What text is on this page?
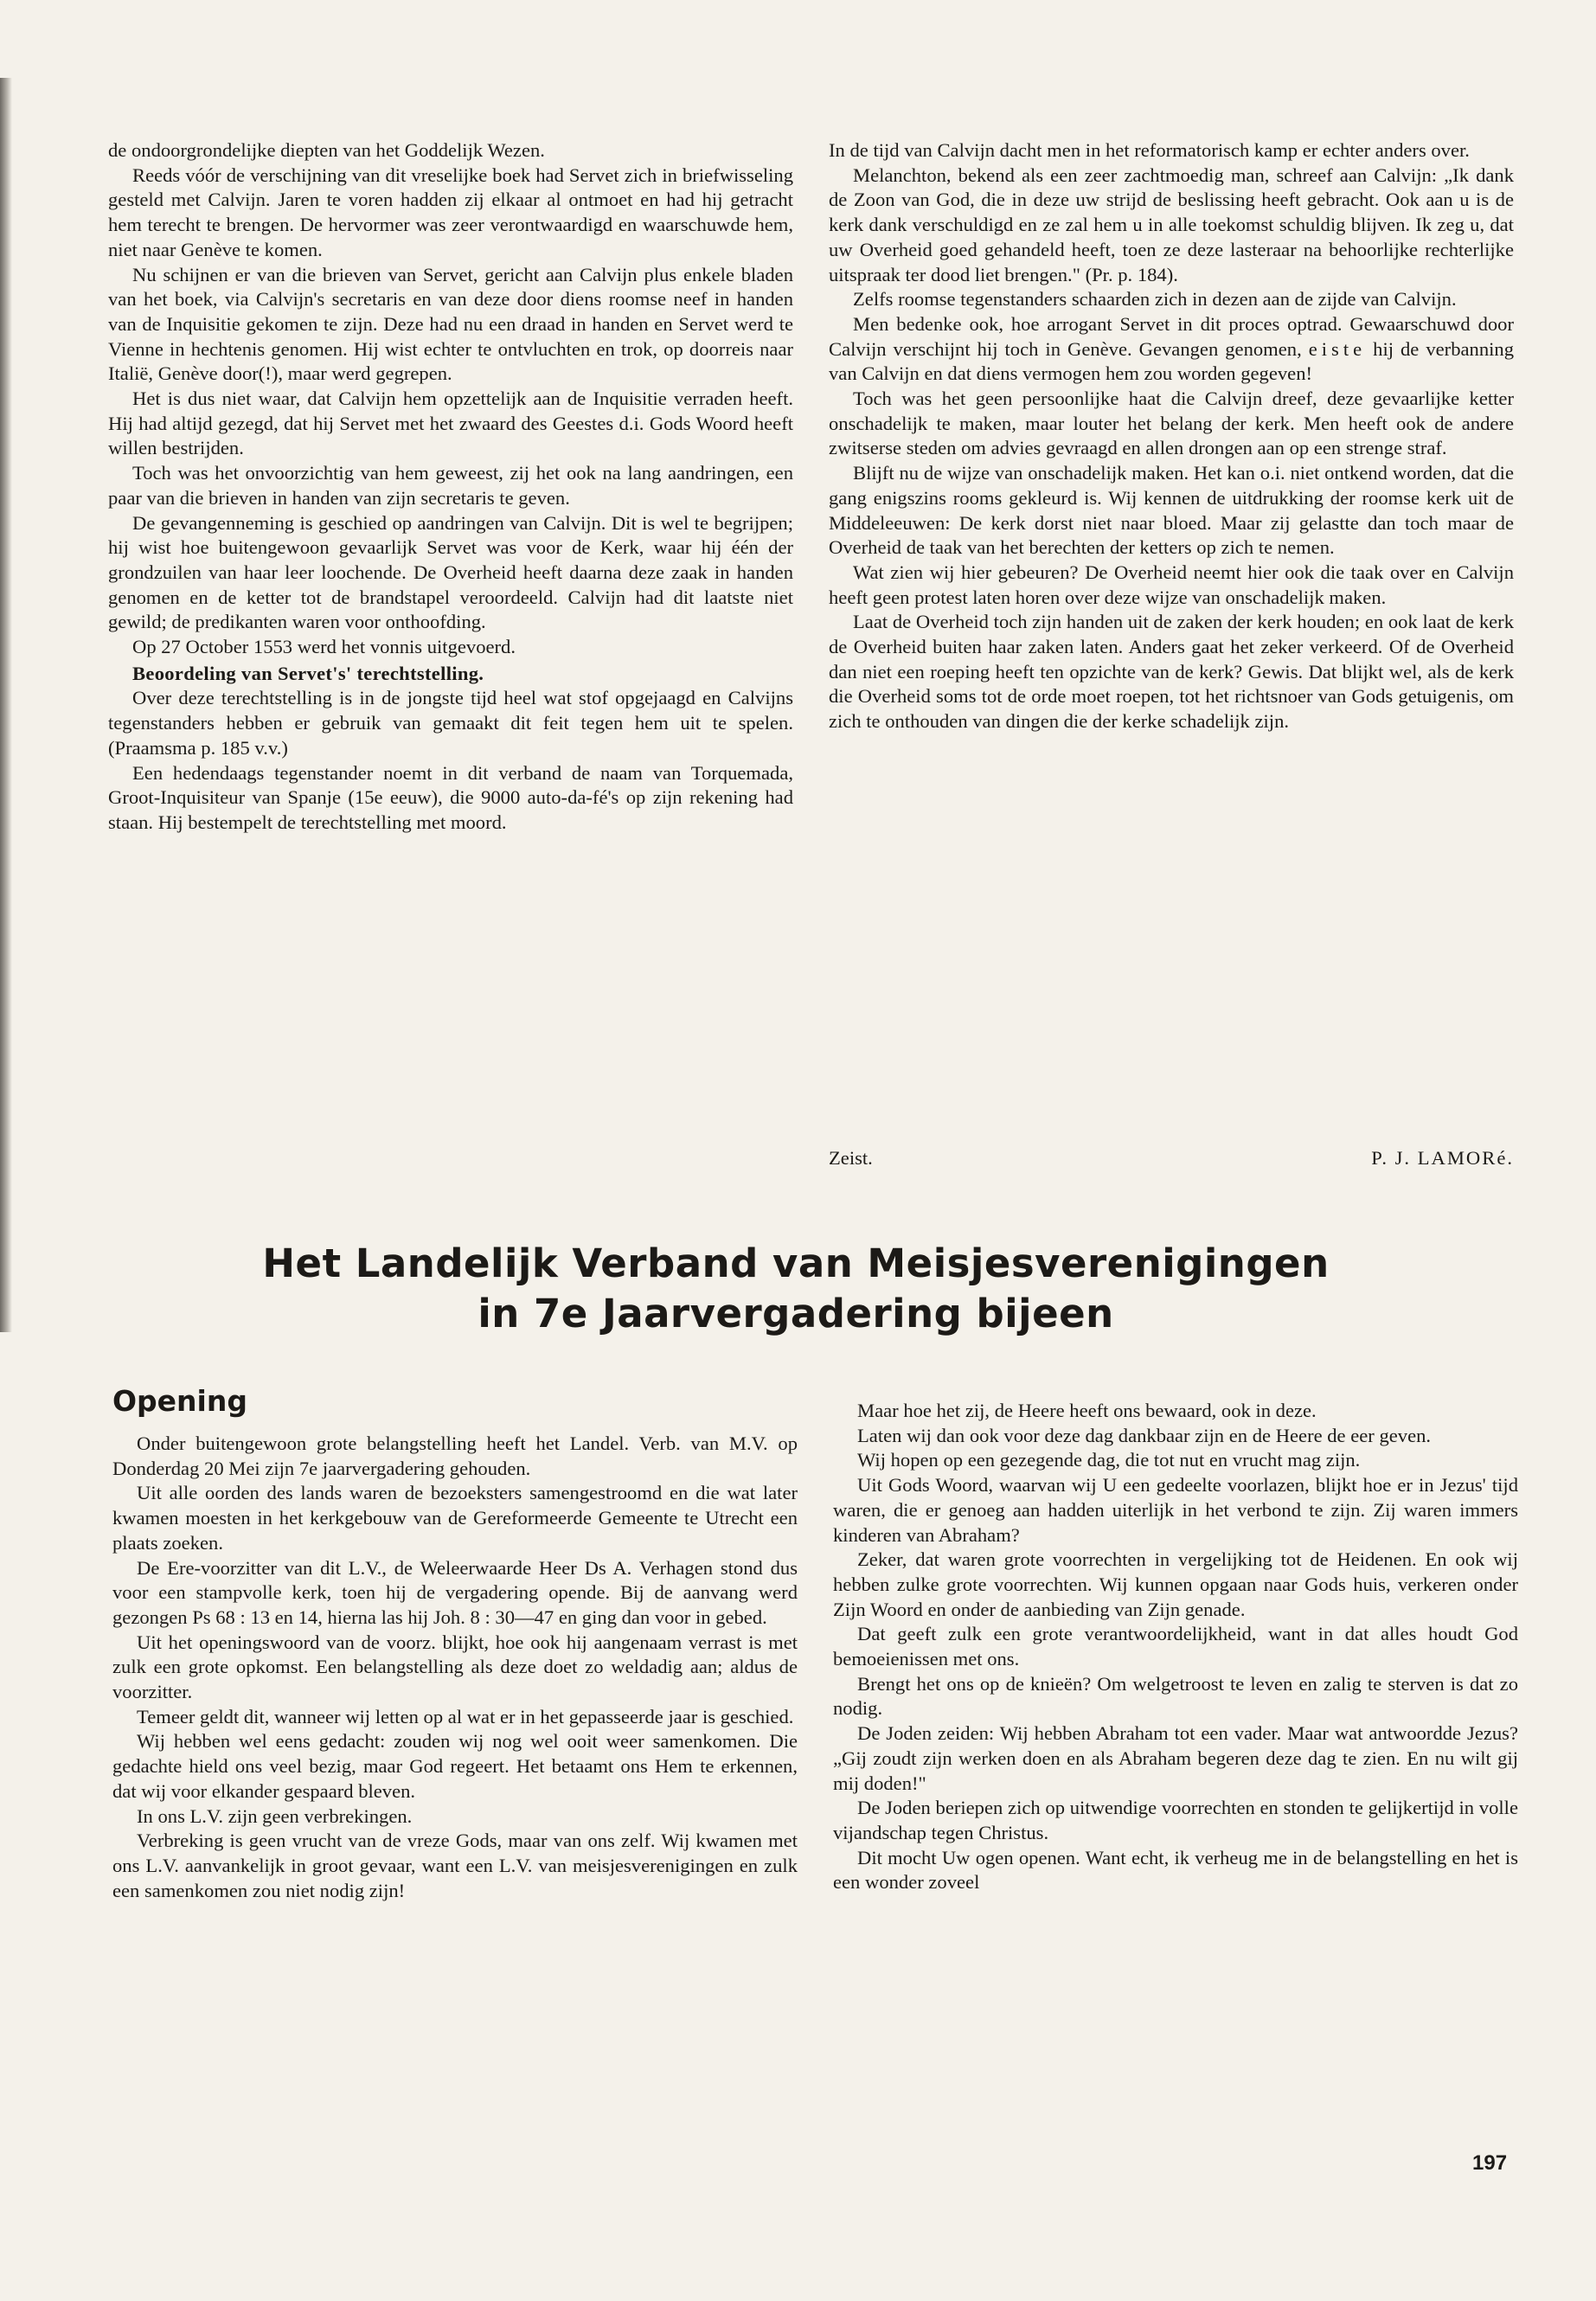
de ondoorgrondelijke diepten van het Goddelijk Wezen.

Reeds vóór de verschijning van dit vreselijke boek had Servet zich in briefwisseling gesteld met Calvijn. Jaren te voren hadden zij elkaar al ontmoet en had hij getracht hem terecht te brengen. De hervormer was zeer verontwaardigd en waarschuwde hem, niet naar Genève te komen.

Nu schijnen er van die brieven van Servet, gericht aan Calvijn plus enkele bladen van het boek, via Calvijn's secretaris en van deze door diens roomse neef in handen van de Inquisitie gekomen te zijn. Deze had nu een draad in handen en Servet werd te Vienne in hechtenis genomen. Hij wist echter te ontvluchten en trok, op doorreis naar Italië, Genève door(!), maar werd gegrepen.

Het is dus niet waar, dat Calvijn hem opzettelijk aan de Inquisitie verraden heeft. Hij had altijd gezegd, dat hij Servet met het zwaard des Geestes d.i. Gods Woord heeft willen bestrijden.

Toch was het onvoorzichtig van hem geweest, zij het ook na lang aandringen, een paar van die brieven in handen van zijn secretaris te geven.

De gevangenneming is geschied op aandringen van Calvijn. Dit is wel te begrijpen; hij wist hoe buitengewoon gevaarlijk Servet was voor de Kerk, waar hij één der grondzuilen van haar leer loochende. De Overheid heeft daarna deze zaak in handen genomen en de ketter tot de brandstapel veroordeeld. Calvijn had dit laatste niet gewild; de predikanten waren voor onthoofding.

Op 27 October 1553 werd het vonnis uitgevoerd.

Beoordeling van Servet's' terechtstelling.

Over deze terechtstelling is in de jongste tijd heel wat stof opgejaagd en Calvijns tegenstanders hebben er gebruik van gemaakt dit feit tegen hem uit te spelen. (Praamsma p. 185 v.v.)

Een hedendaags tegenstander noemt in dit verband de naam van Torquemada, Groot-Inquisiteur van Spanje (15e eeuw), die 9000 auto-da-fé's op zijn rekening had staan. Hij bestempelt de terechtstelling met moord.

In de tijd van Calvijn dacht men in het reformatorisch kamp er echter anders over.

Melanchton, bekend als een zeer zachtmoedig man, schreef aan Calvijn: „Ik dank de Zoon van God, die in deze uw strijd de beslissing heeft gebracht. Ook aan u is de kerk dank verschuldigd en ze zal hem u in alle toekomst schuldig blijven. Ik zeg u, dat uw Overheid goed gehandeld heeft, toen ze deze lasteraar na behoorlijke rechterlijke uitspraak ter dood liet brengen." (Pr. p. 184).

Zelfs roomse tegenstanders schaarden zich in dezen aan de zijde van Calvijn.

Men bedenke ook, hoe arrogant Servet in dit proces optrad. Gewaarschuwd door Calvijn verschijnt hij toch in Genève. Gevangen genomen, eiste hij de verbanning van Calvijn en dat diens vermogen hem zou worden gegeven!

Toch was het geen persoonlijke haat die Calvijn dreef, deze gevaarlijke ketter onschadelijk te maken, maar louter het belang der kerk. Men heeft ook de andere zwitserse steden om advies gevraagd en allen drongen aan op een strenge straf.

Blijft nu de wijze van onschadelijk maken. Het kan o.i. niet ontkend worden, dat die gang enigszins rooms gekleurd is. Wij kennen de uitdrukking der roomse kerk uit de Middeleeuwen: De kerk dorst niet naar bloed. Maar zij gelastte dan toch maar de Overheid de taak van het berechten der ketters op zich te nemen.

Wat zien wij hier gebeuren? De Overheid neemt hier ook die taak over en Calvijn heeft geen protest laten horen over deze wijze van onschadelijk maken.

Laat de Overheid toch zijn handen uit de zaken der kerk houden; en ook laat de kerk de Overheid buiten haar zaken laten. Anders gaat het zeker verkeerd. Of de Overheid dan niet een roeping heeft ten opzichte van de kerk? Gewis. Dat blijkt wel, als de kerk die Overheid soms tot de orde moet roepen, tot het richtsnoer van Gods getuigenis, om zich te onthouden van dingen die der kerke schadelijk zijn.

Zeist.	P. J. LAMORé.
Het Landelijk Verband van Meisjesverenigingen
in 7e Jaarvergadering bijeen
Opening

Onder buitengewoon grote belangstelling heeft het Landel. Verb. van M.V. op Donderdag 20 Mei zijn 7e jaarvergadering gehouden.

Uit alle oorden des lands waren de bezoeksters samengestroomd en die wat later kwamen moesten in het kerkgebouw van de Gereformeerde Gemeente te Utrecht een plaats zoeken.

De Ere-voorzitter van dit L.V., de Weleerwaarde Heer Ds A. Verhagen stond dus voor een stampvolle kerk, toen hij de vergadering opende. Bij de aanvang werd gezongen Ps 68 : 13 en 14, hierna las hij Joh. 8 : 30—47 en ging dan voor in gebed.

Uit het openingswoord van de voorz. blijkt, hoe ook hij aangenaam verrast is met zulk een grote opkomst. Een belangstelling als deze doet zo weldadig aan; aldus de voorzitter.

Temeer geldt dit, wanneer wij letten op al wat er in het gepasseerde jaar is geschied.

Wij hebben wel eens gedacht: zouden wij nog wel ooit weer samenkomen. Die gedachte hield ons veel bezig, maar God regeert. Het betaamt ons Hem te erkennen, dat wij voor elkander gespaard bleven.

In ons L.V. zijn geen verbrekingen.

Verbreking is geen vrucht van de vreze Gods, maar van ons zelf. Wij kwamen met ons L.V. aanvankelijk in groot gevaar, want een L.V. van meisjesverenigingen en zulk een samenkomen zou niet nodig zijn!

Maar hoe het zij, de Heere heeft ons bewaard, ook in deze.

Laten wij dan ook voor deze dag dankbaar zijn en de Heere de eer geven.

Wij hopen op een gezegende dag, die tot nut en vrucht mag zijn.

Uit Gods Woord, waarvan wij U een gedeelte voorlazen, blijkt hoe er in Jezus' tijd waren, die er genoeg aan hadden uiterlijk in het verbond te zijn. Zij waren immers kinderen van Abraham?

Zeker, dat waren grote voorrechten in vergelijking tot de Heidenen. En ook wij hebben zulke grote voorrechten. Wij kunnen opgaan naar Gods huis, verkeren onder Zijn Woord en onder de aanbieding van Zijn genade.

Dat geeft zulk een grote verantwoordelijkheid, want in dat alles houdt God bemoeienissen met ons.

Brengt het ons op de knieën? Om welgetroost te leven en zalig te sterven is dat zo nodig.

De Joden zeiden: Wij hebben Abraham tot een vader. Maar wat antwoordde Jezus? „Gij zoudt zijn werken doen en als Abraham begeren deze dag te zien. En nu wilt gij mij doden!"

De Joden beriepen zich op uitwendige voorrechten en stonden te gelijkertijd in volle vijandschap tegen Christus.

Dit mocht Uw ogen openen. Want echt, ik verheug me in de belangstelling en het is een wonder zoveel

197
